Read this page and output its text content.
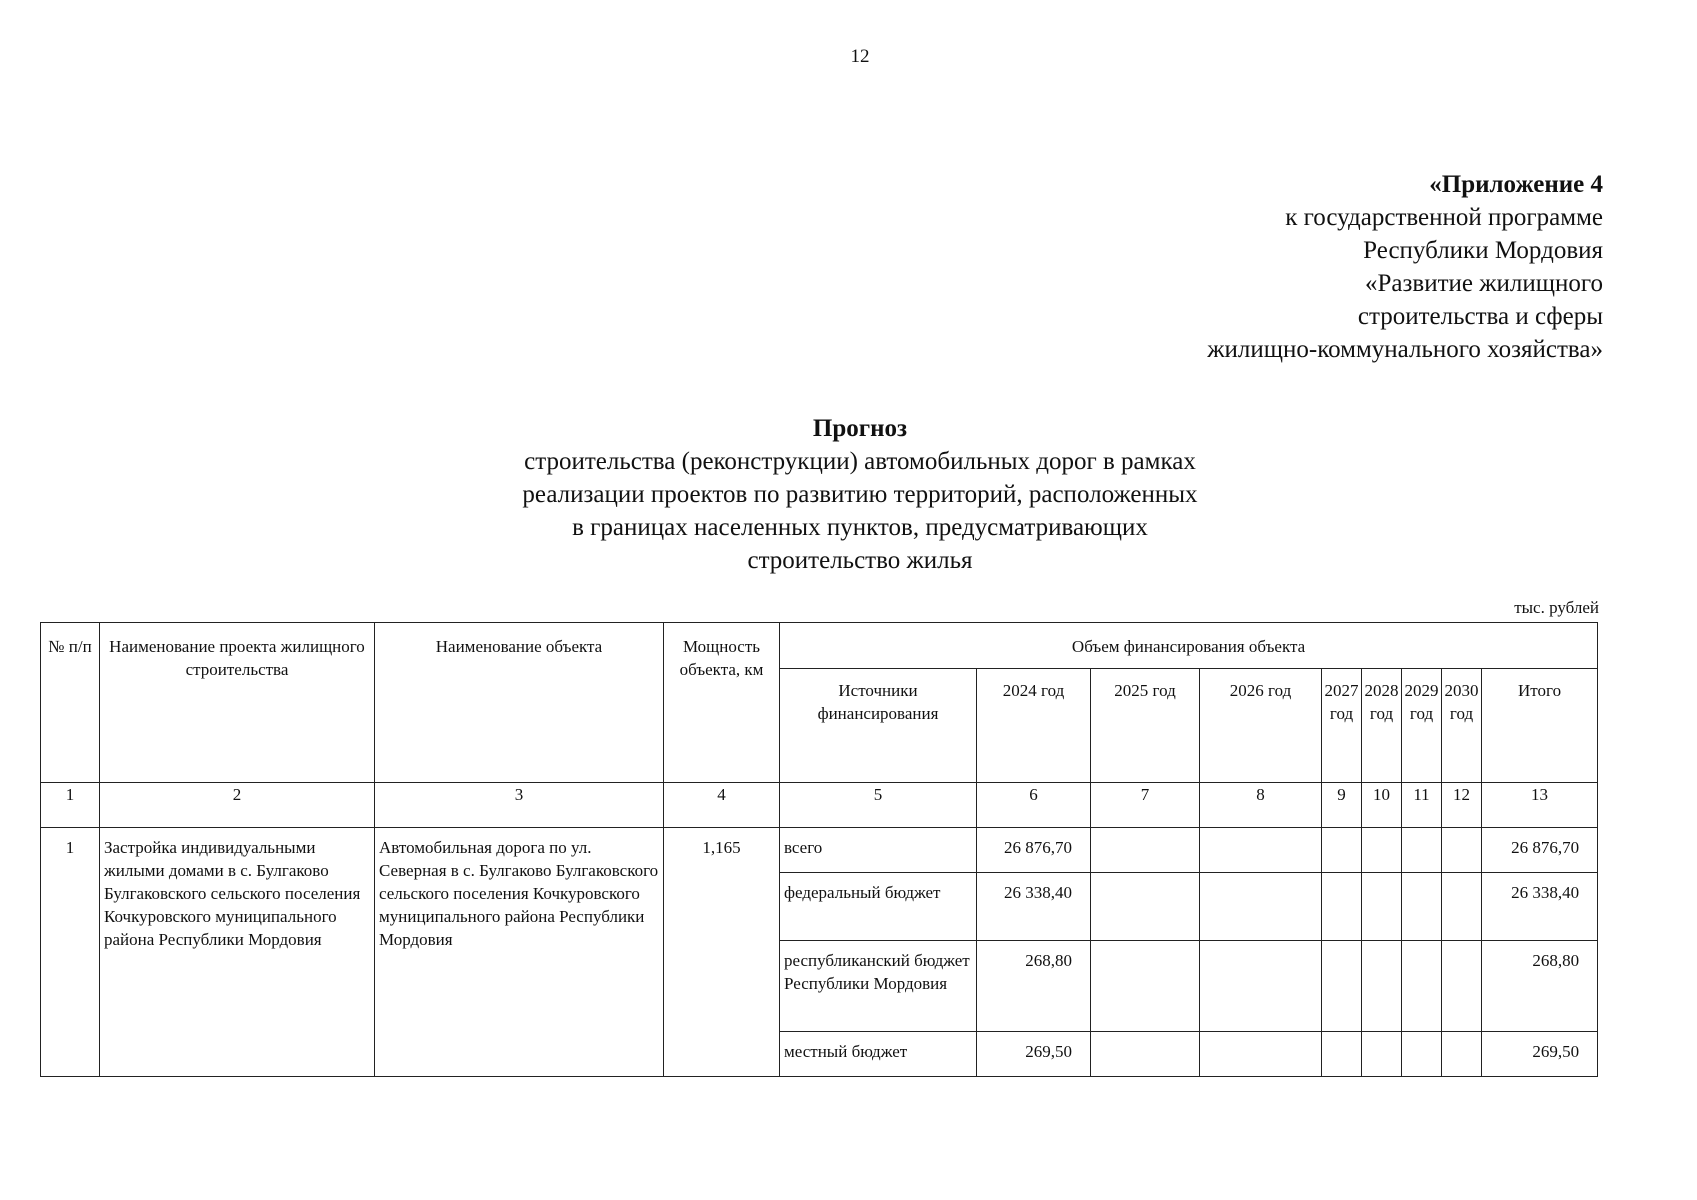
12
«Приложение 4
к государственной программе
Республики Мордовия
«Развитие жилищного
строительства и сферы
жилищно-коммунального хозяйства»
Прогноз
строительства (реконструкции) автомобильных дорог в рамках
реализации проектов по развитию территорий, расположенных
в границах населенных пунктов, предусматривающих
строительство жилья
тыс. рублей
№ п/п	Наименование проекта жилищного строительства	Наименование объекта	Мощность объекта, км	Объем финансирования объекта								
				Источники финансирования	2024 год	2025 год	2026 год	2027 год	2028 год	2029 год	2030 год	Итого
1	2	3	4	5	6	7	8	9	10	11	12	13
1	Застройка индивидуальными жилыми домами в с. Булгаково Булгаковского сельского поселения Кочкуровского муниципального района Республики Мордовия	Автомобильная дорога по ул. Северная в с. Булгаково Булгаковского сельского поселения Кочкуровского муниципального района Республики Мордовия	1,165	всего	26 876,70							26 876,70
				федеральный бюджет	26 338,40							26 338,40
				республиканский бюджет Республики Мордовия	268,80							268,80
				местный бюджет	269,50							269,50
